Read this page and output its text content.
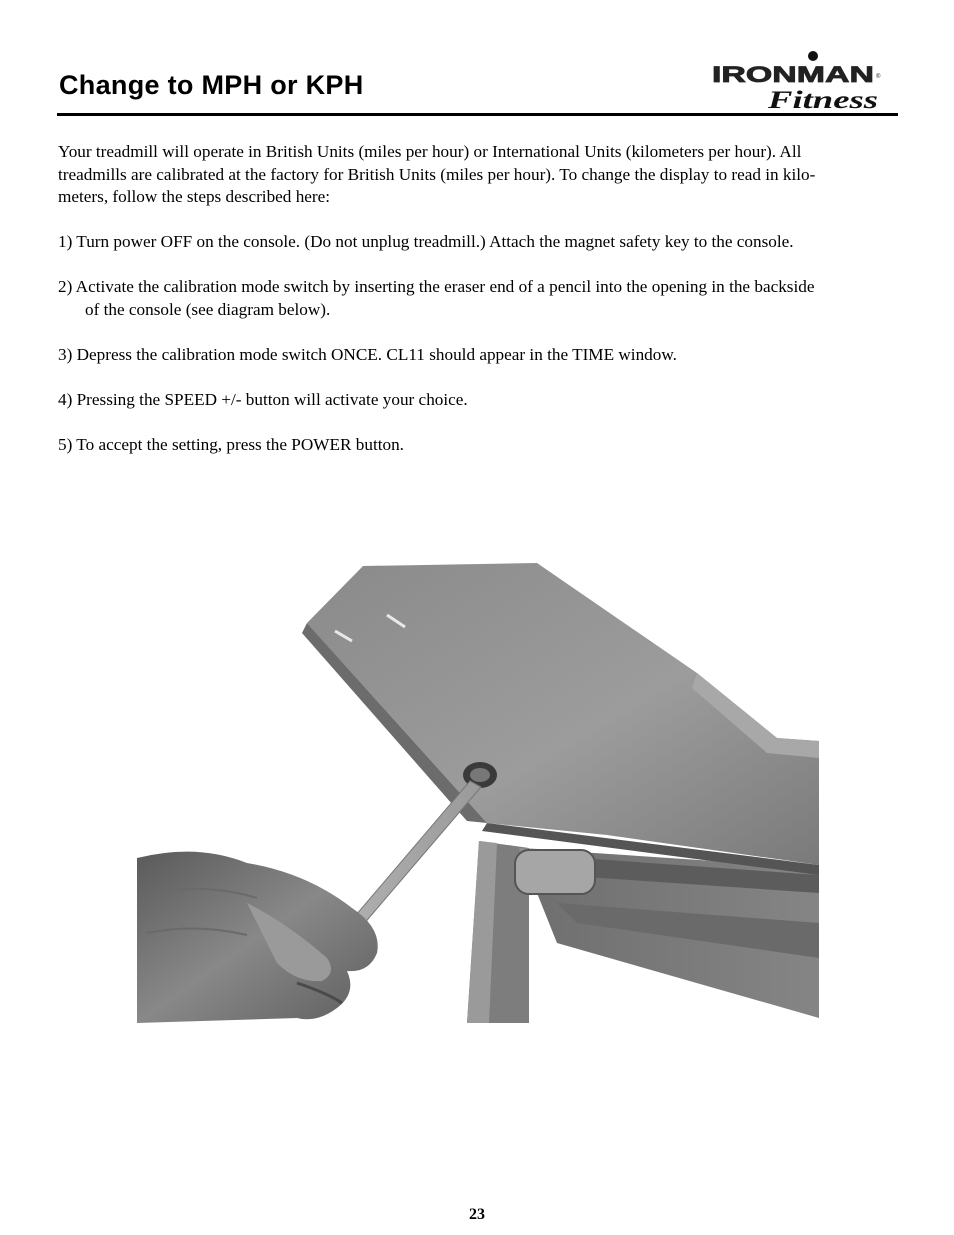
Change to MPH or KPH	IRONMAN ®
Fitness

Your treadmill will operate in British Units (miles per hour) or International Units (kilometers per hour). All
treadmills are calibrated at the factory for British Units (miles per hour). To change the display to read in kilo-
meters, follow the steps described here:

1) Turn power OFF on the console. (Do not unplug treadmill.) Attach the magnet safety key to the console.

2) Activate the calibration mode switch by inserting the eraser end of a pencil into the opening in the backside
of the console (see diagram below).

3) Depress the calibration mode switch ONCE. CL11 should appear in the TIME window.

4) Pressing the SPEED +/- button will activate your choice.

5) To accept the setting, press the POWER button.

23
